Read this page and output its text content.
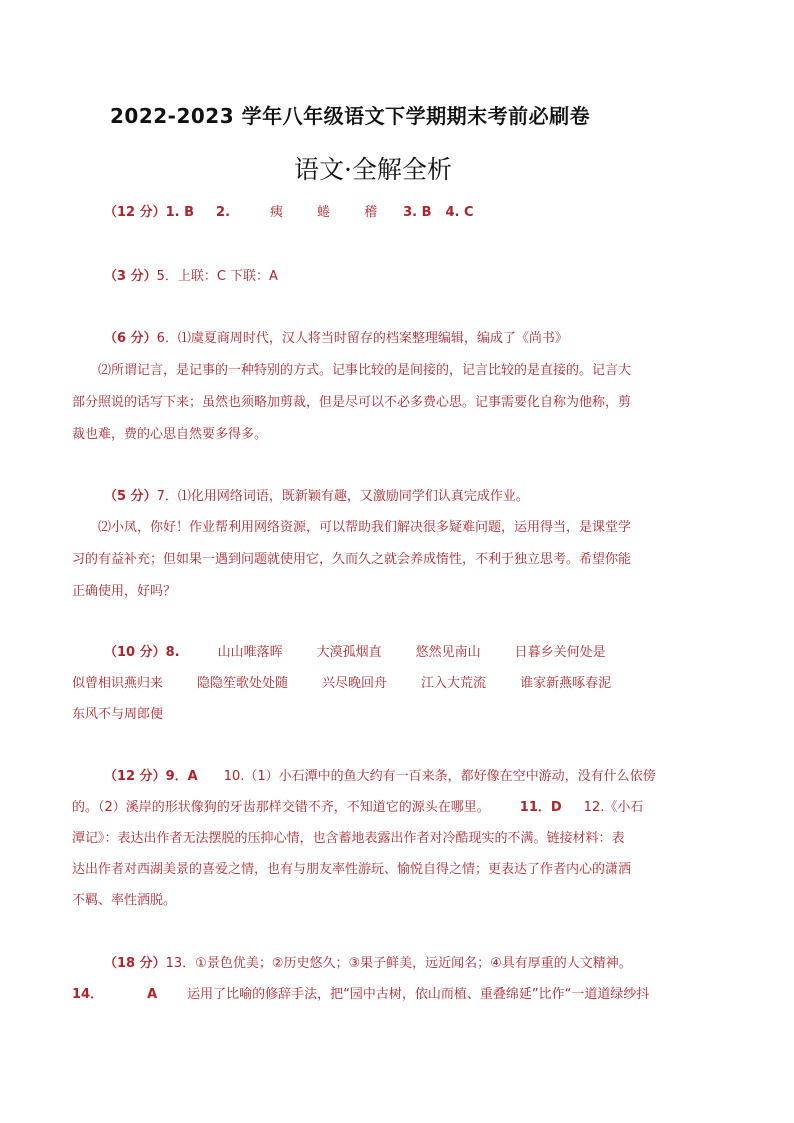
2022-2023 学年八年级语文下学期期末考前必刷卷
语文·全解全析
（12 分）1. B 2.	痍	蜷	稽 3. B 4. C
（3 分）5．上联：C 下联：A
（6 分）6．⑴虞夏商周时代，汉人将当时留存的档案整理编辑，编成了《尚书》
⑵所谓记言，是记事的一种特别的方式。记事比较的是间接的，记言比较的是直接的。记言大
部分照说的话写下来；虽然也须略加剪裁，但是尽可以不必多费心思。记事需要化自称为他称，剪
裁也难，费的心思自然要多得多。
（5 分）7．⑴化用网络词语，既新颖有趣，又激励同学们认真完成作业。
⑵小凤，你好！作业帮利用网络资源，可以帮助我们解决很多疑难问题，运用得当，是课堂学
习的有益补充；但如果一遇到问题就使用它，久而久之就会养成惰性，不利于独立思考。希望你能
正确使用，好吗？
（10 分）8.	山山唯落晖	大漠孤烟直	悠然见南山	日暮乡关何处是
似曾相识燕归来	隐隐笙歌处处随	兴尽晚回舟	江入大荒流	谁家新燕啄春泥
东风不与周郎便
（12 分）9．A 10.（1）小石潭中的鱼大约有一百来条，都好像在空中游动，没有什么依傍
的。（2）溪岸的形状像狗的牙齿那样交错不齐，不知道它的源头在哪里。 11．D 12.《小石
潭记》：表达出作者无法摆脱的压抑心情，也含蓄地表露出作者对冷酷现实的不满。链接材料：表
达出作者对西湖美景的喜爱之情，也有与朋友率性游玩、愉悦自得之情；更表达了作者内心的潇洒
不羁、率性洒脱。
（18 分）13．①景色优美；②历史悠久；③果子鲜美，远近闻名；④具有厚重的人文精神。
14．	A 运用了比喻的修辞手法，把“园中古树，依山而植、重叠绵延”比作“一道道绿纱抖
